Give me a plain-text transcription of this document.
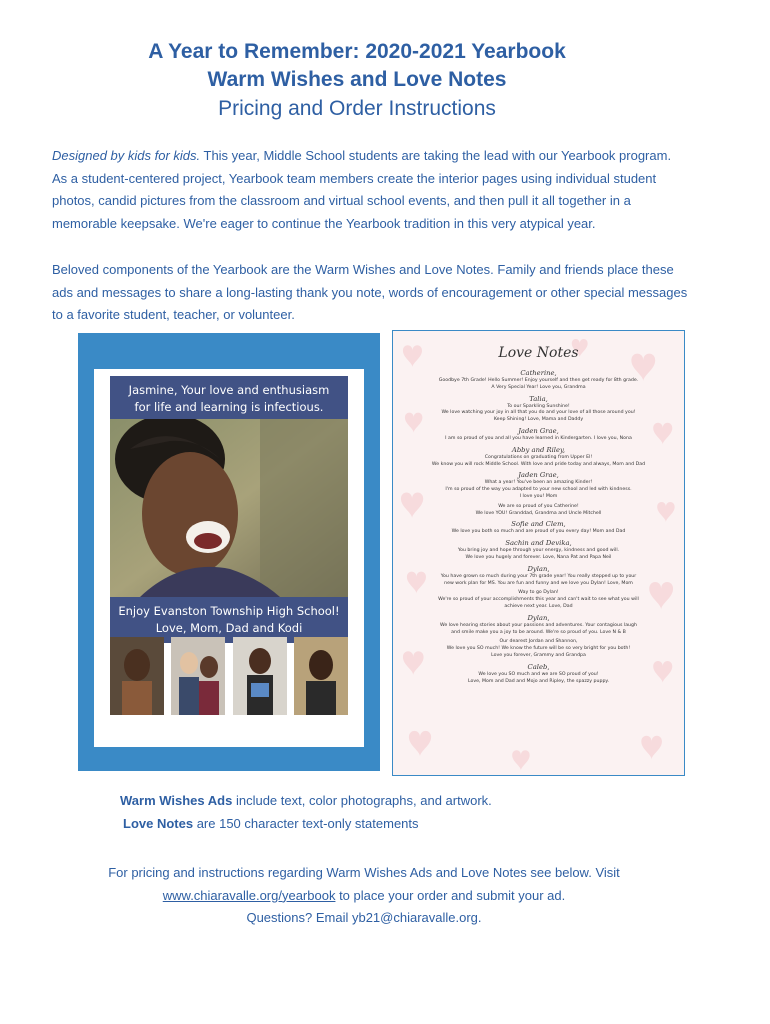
A Year to Remember: 2020-2021 Yearbook
Warm Wishes and Love Notes
Pricing and Order Instructions
Designed by kids for kids. This year, Middle School students are taking the lead with our Yearbook program.
As a student-centered project, Yearbook team members create the interior pages using individual student
photos, candid pictures from the classroom and virtual school events, and then pull it all together in a
memorable keepsake. We're eager to continue the Yearbook tradition in this very atypical year.
Beloved components of the Yearbook are the Warm Wishes and Love Notes. Family and friends place these
ads and messages to share a long-lasting thank you note, words of encouragement or other special messages
to a favorite student, teacher, or volunteer.
Jasmine, Your love and enthusiasm
for life and learning is infectious.
Enjoy Evanston Township High School!
Love, Mom, Dad and Kodi
Love Notes
Catherine,
Goodbye 7th Grade! Hello Summer! Enjoy yourself and then get ready for 8th grade.
A Very Special Year! Love you, Grandma
Talia,
To our Sparkling Sunshine!
We love watching your joy in all that you do and your love of all those around you!
Keep Shining! Love, Mama and Daddy
Jaden Grae,
I am so proud of you and all you have learned in Kindergarten. I love you, Nona
Abby and Riley,
Congratulations on graduating from Upper El!
We know you will rock Middle School. With love and pride today and always, Mom and Dad
Jaden Grae,
What a year! You've been an amazing Kinder!
I'm so proud of the way you adapted to your new school and led with kindness.
I love you! Mom
We are so proud of you Catherine!
We love YOU! Granddad, Grandma and Uncle Mitchell
Sofie and Clem,
We love you both so much and are proud of you every day! Mom and Dad
Sachin and Devika,
You bring joy and hope through your energy, kindness and good will.
We love you hugely and forever. Love, Nana Pat and Papa Neil
Dylan,
You have grown so much during your 7th grade year! You really stepped up to your
new work plan for MS. You are fun and funny and we love you Dylan! Love, Mom
Way to go Dylan!
We're so proud of your accomplishments this year and can't wait to see what you will
achieve next year. Love, Dad
Dylan,
We love hearing stories about your passions and adventures. Your contagious laugh
and smile make you a joy to be around. We're so proud of you. Love N & B
Our dearest Jordan and Shannon,
We love you SO much! We know the future will be so very bright for you both!
Love you forever, Grammy and Grandpa
Caleb,
We love you SO much and we are SO proud of you!
Love, Mom and Dad and Mojo and Ripley, the spazzy puppy.
Warm Wishes Ads include text, color photographs, and artwork.
Love Notes are 150 character text-only statements
For pricing and instructions regarding Warm Wishes Ads and Love Notes see below. Visit
www.chiaravalle.org/yearbook to place your order and submit your ad.
Questions? Email yb21@chiaravalle.org.
